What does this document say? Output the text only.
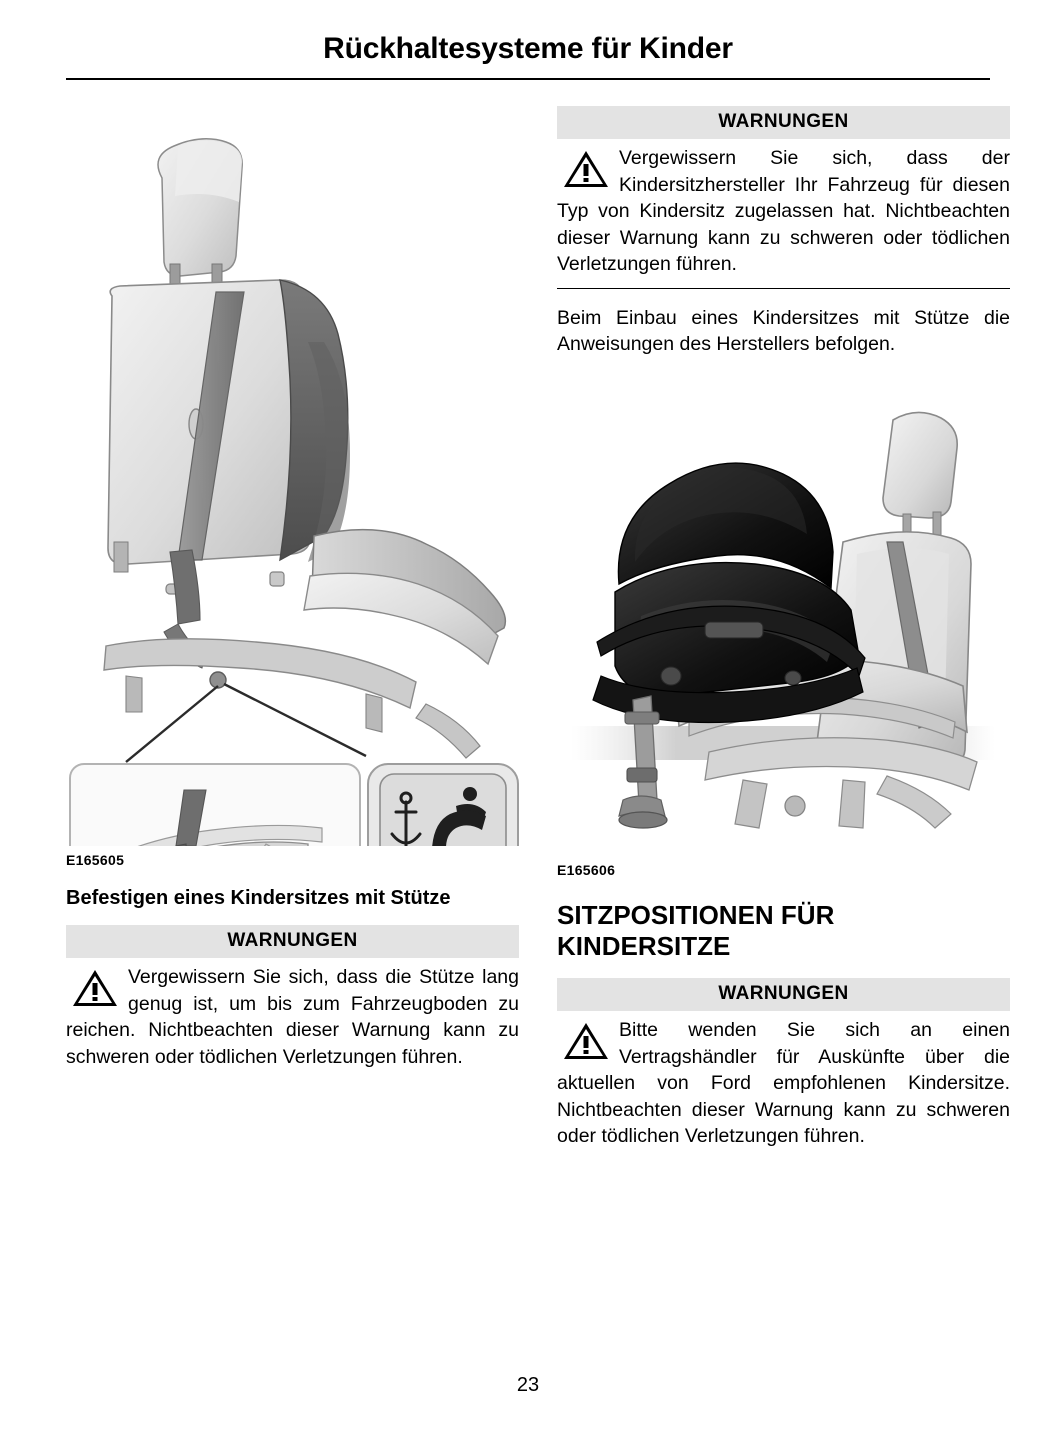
Rückhaltesysteme für Kinder
E165605
Befestigen eines Kindersitzes mit Stütze
WARNUNGEN
Vergewissern Sie sich, dass die Stütze lang genug ist, um bis zum Fahrzeugboden zu reichen. Nichtbeachten dieser Warnung kann zu schweren oder tödlichen Verletzungen führen.
WARNUNGEN
Vergewissern Sie sich, dass der Kindersitzhersteller Ihr Fahrzeug für diesen Typ von Kindersitz zugelassen hat. Nichtbeachten dieser Warnung kann zu schweren oder tödlichen Verletzungen führen.
Beim Einbau eines Kindersitzes mit Stütze die Anweisungen des Herstellers befolgen.
E165606
SITZPOSITIONEN FÜR KINDERSITZE
WARNUNGEN
Bitte wenden Sie sich an einen Vertragshändler für Auskünfte über die aktuellen von Ford empfohlenen Kindersitze. Nichtbeachten dieser Warnung kann zu schweren oder tödlichen Verletzungen führen.
23
